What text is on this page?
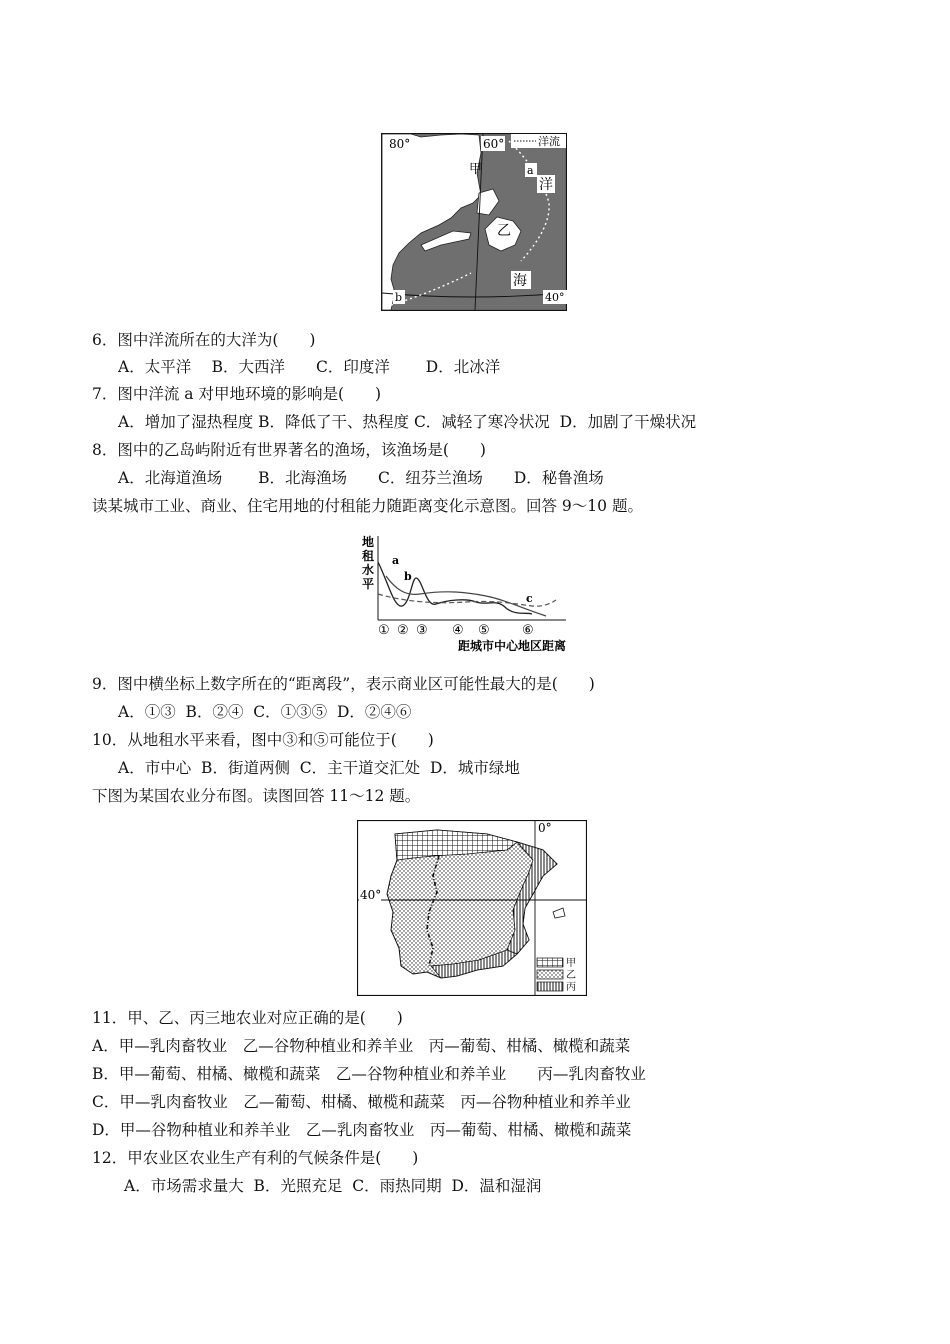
80°	60°	洋流
甲	a
洋
乙
海
b	40°
6．图中洋流所在的大洋为(　　)
A．太平洋　 B．大西洋　　C．印度洋　　 D．北冰洋
7．图中洋流 a 对甲地环境的影响是(　　)
A．增加了湿热程度 B．降低了干、热程度 C．减轻了寒冷状况  D．加剧了干燥状况
8．图中的乙岛屿附近有世界著名的渔场，该渔场是(　　)
A．北海道渔场　　 B．北海渔场　　C．纽芬兰渔场　　D．秘鲁渔场
读某城市工业、商业、住宅用地的付租能力随距离变化示意图。回答 9～10 题。
地
租
水
平
a
b
c
① ② ③ ④ ⑤ ⑥
距城市中心地区距离
9．图中横坐标上数字所在的“距离段”，表示商业区可能性最大的是(　　)
A．①③  B．②④  C．①③⑤  D．②④⑥
10．从地租水平来看，图中③和⑤可能位于(　　)
A．市中心  B．街道两侧  C．主干道交汇处  D．城市绿地
下图为某国农业分布图。读图回答 11～12 题。
0°
40°
甲
乙
丙
11．甲、乙、丙三地农业对应正确的是(　　)
A．甲—乳肉畜牧业　乙—谷物种植业和养羊业　丙—葡萄、柑橘、橄榄和蔬菜
B．甲—葡萄、柑橘、橄榄和蔬菜　乙—谷物种植业和养羊业　　丙—乳肉畜牧业
C．甲—乳肉畜牧业　乙—葡萄、柑橘、橄榄和蔬菜　丙—谷物种植业和养羊业
D．甲—谷物种植业和养羊业　乙—乳肉畜牧业　丙—葡萄、柑橘、橄榄和蔬菜
12．甲农业区农业生产有利的气候条件是(　　)
A．市场需求量大  B．光照充足  C．雨热同期  D．温和湿润
